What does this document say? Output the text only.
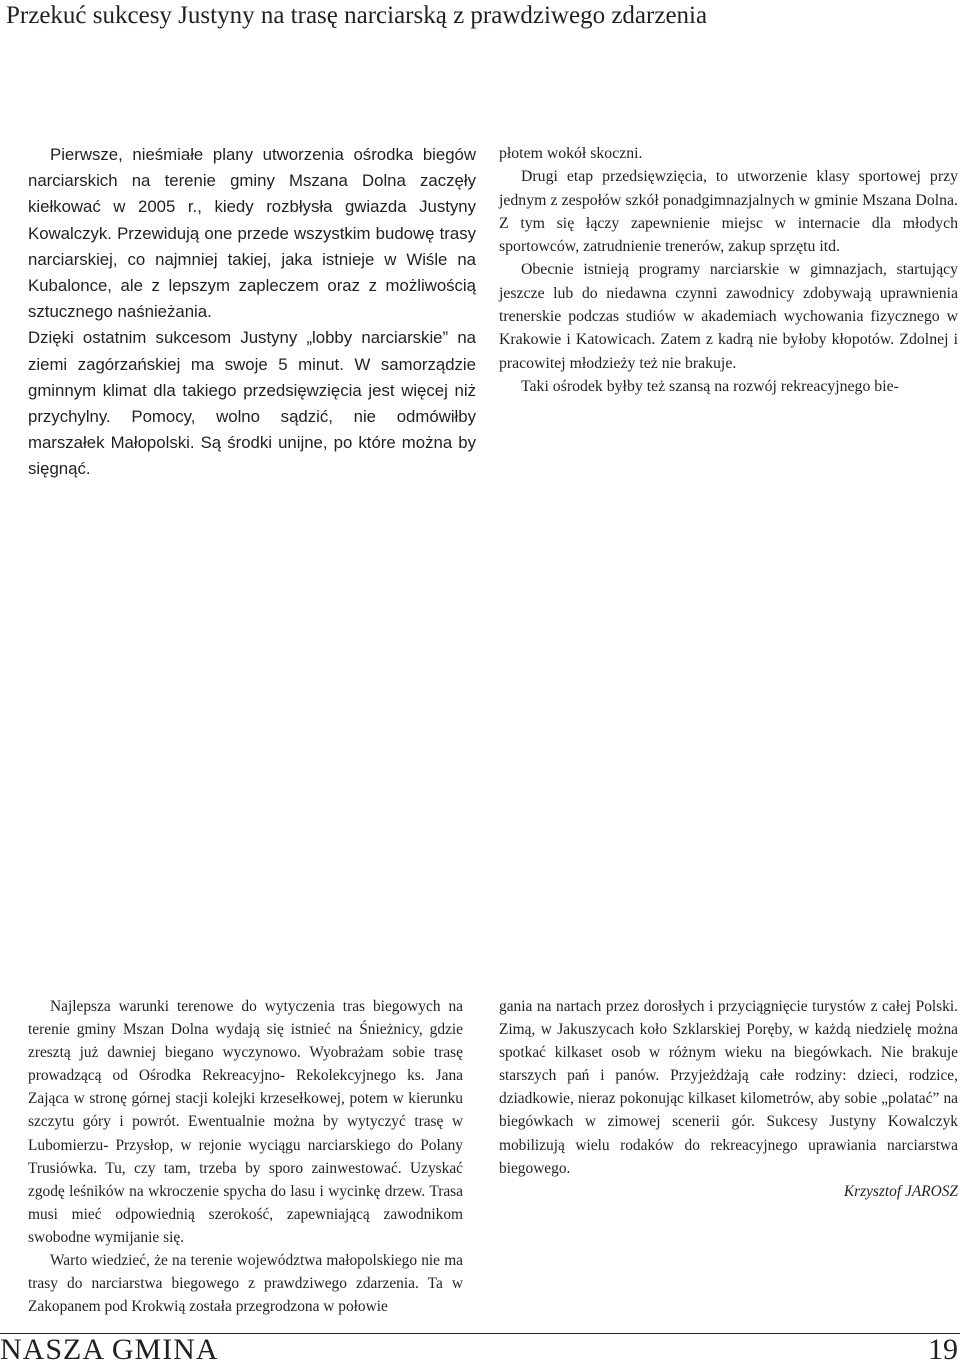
Przekuć sukcesy Justyny na trasę narciarską z prawdziwego zdarzenia

Pierwsze, nieśmiałe plany utworzenia ośrodka biegów narciarskich na terenie gminy Mszana Dolna zaczęły kiełkować w 2005 r., kiedy rozbłysła gwiazda Justyny Kowalczyk. Przewidują one przede wszystkim budowę trasy narciarskiej, co najmniej takiej, jaka istnieje w Wiśle na Kubalonce, ale z lepszym zapleczem oraz z możliwością sztucznego naśnieżania.

Dzięki ostatnim sukcesom Justyny „lobby narciarskie” na ziemi zagórzańskiej ma swoje 5 minut. W samorządzie gminnym klimat dla takiego przedsięwzięcia jest więcej niż przychylny. Pomocy, wolno sądzić, nie odmówiłby marszałek Małopolski. Są środki unijne, po które można by sięgnąć.

płotem wokół skoczni.

Drugi etap przedsięwzięcia, to utworzenie klasy sportowej przy jednym z zespołów szkół ponadgimnazjalnych w gminie Mszana Dolna. Z tym się łączy zapewnienie miejsc w internacie dla młodych sportowców, zatrudnienie trenerów, zakup sprzętu itd.

Obecnie istnieją programy narciarskie w gimnazjach, startujący jeszcze lub do niedawna czynni zawodnicy zdobywają uprawnienia trenerskie podczas studiów w akademiach wychowania fizycznego w Krakowie i Katowicach. Zatem z kadrą nie byłoby kłopotów. Zdolnej i pracowitej młodzieży też nie brakuje.

Taki ośrodek byłby też szansą na rozwój rekreacyjnego bie-

Najlepsza warunki terenowe do wytyczenia tras biegowych na terenie gminy Mszan Dolna wydają się istnieć na Śnieżnicy, gdzie zresztą już dawniej biegano wyczynowo. Wyobrażam sobie trasę prowadzącą od Ośrodka Rekreacyjno- Rekolekcyjnego ks. Jana Zająca w stronę górnej stacji kolejki krzesełkowej, potem w kierunku szczytu góry i powrót. Ewentualnie można by wytyczyć trasę w Lubomierzu- Przysłop, w rejonie wyciągu narciarskiego do Polany Trusiówka. Tu, czy tam, trzeba by sporo zainwestować. Uzyskać zgodę leśników na wkroczenie spycha do lasu i wycinkę drzew. Trasa musi mieć odpowiednią szerokość, zapewniającą zawodnikom swobodne wymijanie się.

Warto wiedzieć, że na terenie województwa małopolskiego nie ma trasy do narciarstwa biegowego z prawdziwego zdarzenia. Ta w Zakopanem pod Krokwią została przegrodzona w połowie

gania na nartach przez dorosłych i przyciągnięcie turystów z całej Polski. Zimą, w Jakuszycach koło Szklarskiej Poręby, w każdą niedzielę można spotkać kilkaset osob w różnym wieku na biegówkach. Nie brakuje starszych pań i panów. Przyjeżdżają całe rodziny: dzieci, rodzice, dziadkowie, nieraz pokonując kilkaset kilometrów, aby sobie „polatać” na biegówkach w zimowej scenerii gór. Sukcesy Justyny Kowalczyk mobilizują wielu rodaków do rekreacyjnego uprawiania narciarstwa biegowego.

Krzysztof JAROSZ

NASZA GMINA	19
